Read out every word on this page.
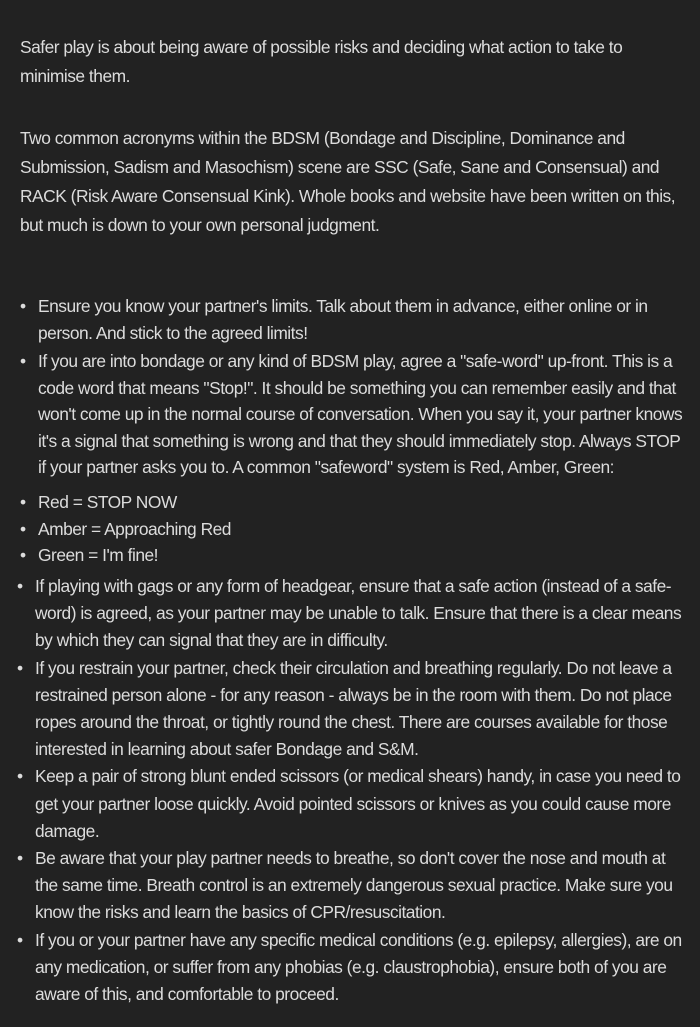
Safer play is about being aware of possible risks and deciding what action to take to minimise them.

Two common acronyms within the BDSM (Bondage and Discipline, Dominance and Submission, Sadism and Masochism) scene are SSC (Safe, Sane and Consensual) and RACK (Risk Aware Consensual Kink). Whole books and website have been written on this, but much is down to your own personal judgment.

• Ensure you know your partner's limits. Talk about them in advance, either online or in person. And stick to the agreed limits!
• If you are into bondage or any kind of BDSM play, agree a "safe-word" up-front. This is a code word that means "Stop!". It should be something you can remember easily and that won't come up in the normal course of conversation. When you say it, your partner knows it's a signal that something is wrong and that they should immediately stop. Always STOP if your partner asks you to. A common "safeword" system is Red, Amber, Green:
• Red = STOP NOW
• Amber = Approaching Red
• Green = I'm fine!
• If playing with gags or any form of headgear, ensure that a safe action (instead of a safe-word) is agreed, as your partner may be unable to talk. Ensure that there is a clear means by which they can signal that they are in difficulty.
• If you restrain your partner, check their circulation and breathing regularly. Do not leave a restrained person alone - for any reason - always be in the room with them. Do not place ropes around the throat, or tightly round the chest. There are courses available for those interested in learning about safer Bondage and S&M.
• Keep a pair of strong blunt ended scissors (or medical shears) handy, in case you need to get your partner loose quickly. Avoid pointed scissors or knives as you could cause more damage.
• Be aware that your play partner needs to breathe, so don't cover the nose and mouth at the same time. Breath control is an extremely dangerous sexual practice. Make sure you know the risks and learn the basics of CPR/resuscitation.
• If you or your partner have any specific medical conditions (e.g. epilepsy, allergies), are on any medication, or suffer from any phobias (e.g. claustrophobia), ensure both of you are aware of this, and comfortable to proceed.
